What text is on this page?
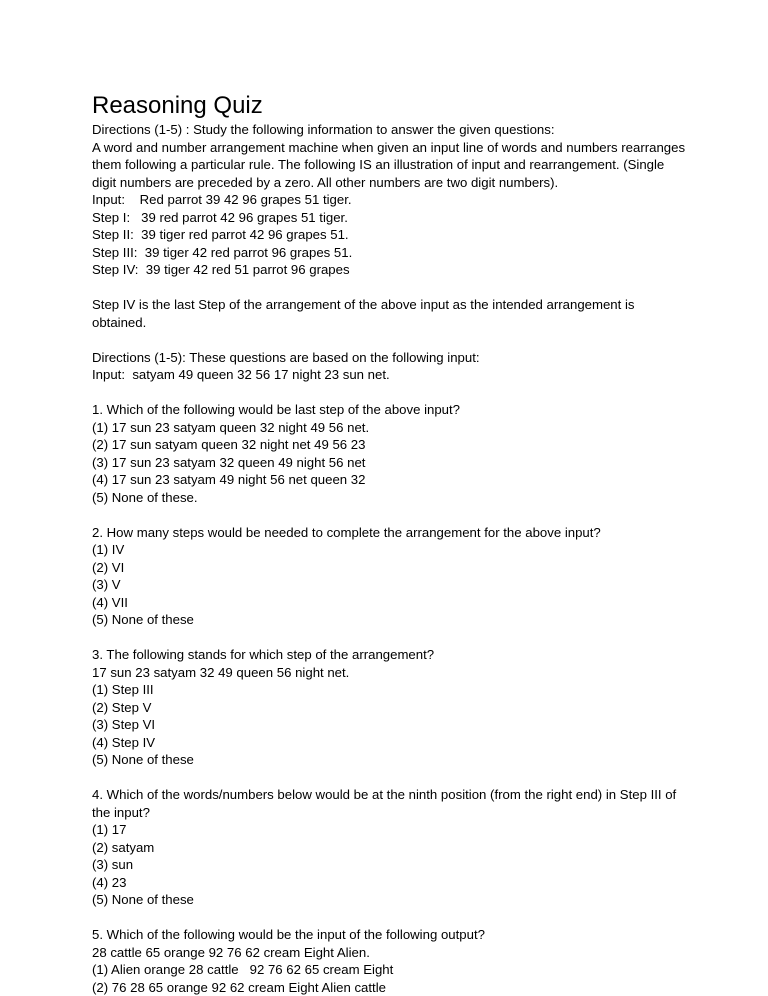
Reasoning Quiz
Directions (1-5) : Study the following information to answer the given questions:
A word and number arrangement machine when given an input line of words and numbers rearranges
them following a particular rule. The following IS an illustration of input and rearrangement. (Single
digit numbers are preceded by a zero. All other numbers are two digit numbers).
Input: Red parrot 39 42 96 grapes 51 tiger.
Step I: 39 red parrot 42 96 grapes 51 tiger.
Step II: 39 tiger red parrot 42 96 grapes 51.
Step III: 39 tiger 42 red parrot 96 grapes 51.
Step IV: 39 tiger 42 red 51 parrot 96 grapes
Step IV is the last Step of the arrangement of the above input as the intended arrangement is
obtained.
Directions (1-5): These questions are based on the following input:
Input:  satyam 49 queen 32 56 17 night 23 sun net.
1. Which of the following would be last step of the above input?
(1) 17 sun 23 satyam queen 32 night 49 56 net.
(2) 17 sun satyam queen 32 night net 49 56 23
(3) 17 sun 23 satyam 32 queen 49 night 56 net
(4) 17 sun 23 satyam 49 night 56 net queen 32
(5) None of these.
2. How many steps would be needed to complete the arrangement for the above input?
(1) IV
(2) VI
(3) V
(4) VII
(5) None of these
3. The following stands for which step of the arrangement?
17 sun 23 satyam 32 49 queen 56 night net.
(1) Step III
(2) Step V
(3) Step VI
(4) Step IV
(5) None of these
4. Which of the words/numbers below would be at the ninth position (from the right end) in Step III of
the input?
(1) 17
(2) satyam
(3) sun
(4) 23
(5) None of these
5. Which of the following would be the input of the following output?
28 cattle 65 orange 92 76 62 cream Eight Alien.
(1) Alien orange 28 cattle   92 76 62 65 cream Eight
(2) 76 28 65 orange 92 62 cream Eight Alien cattle
